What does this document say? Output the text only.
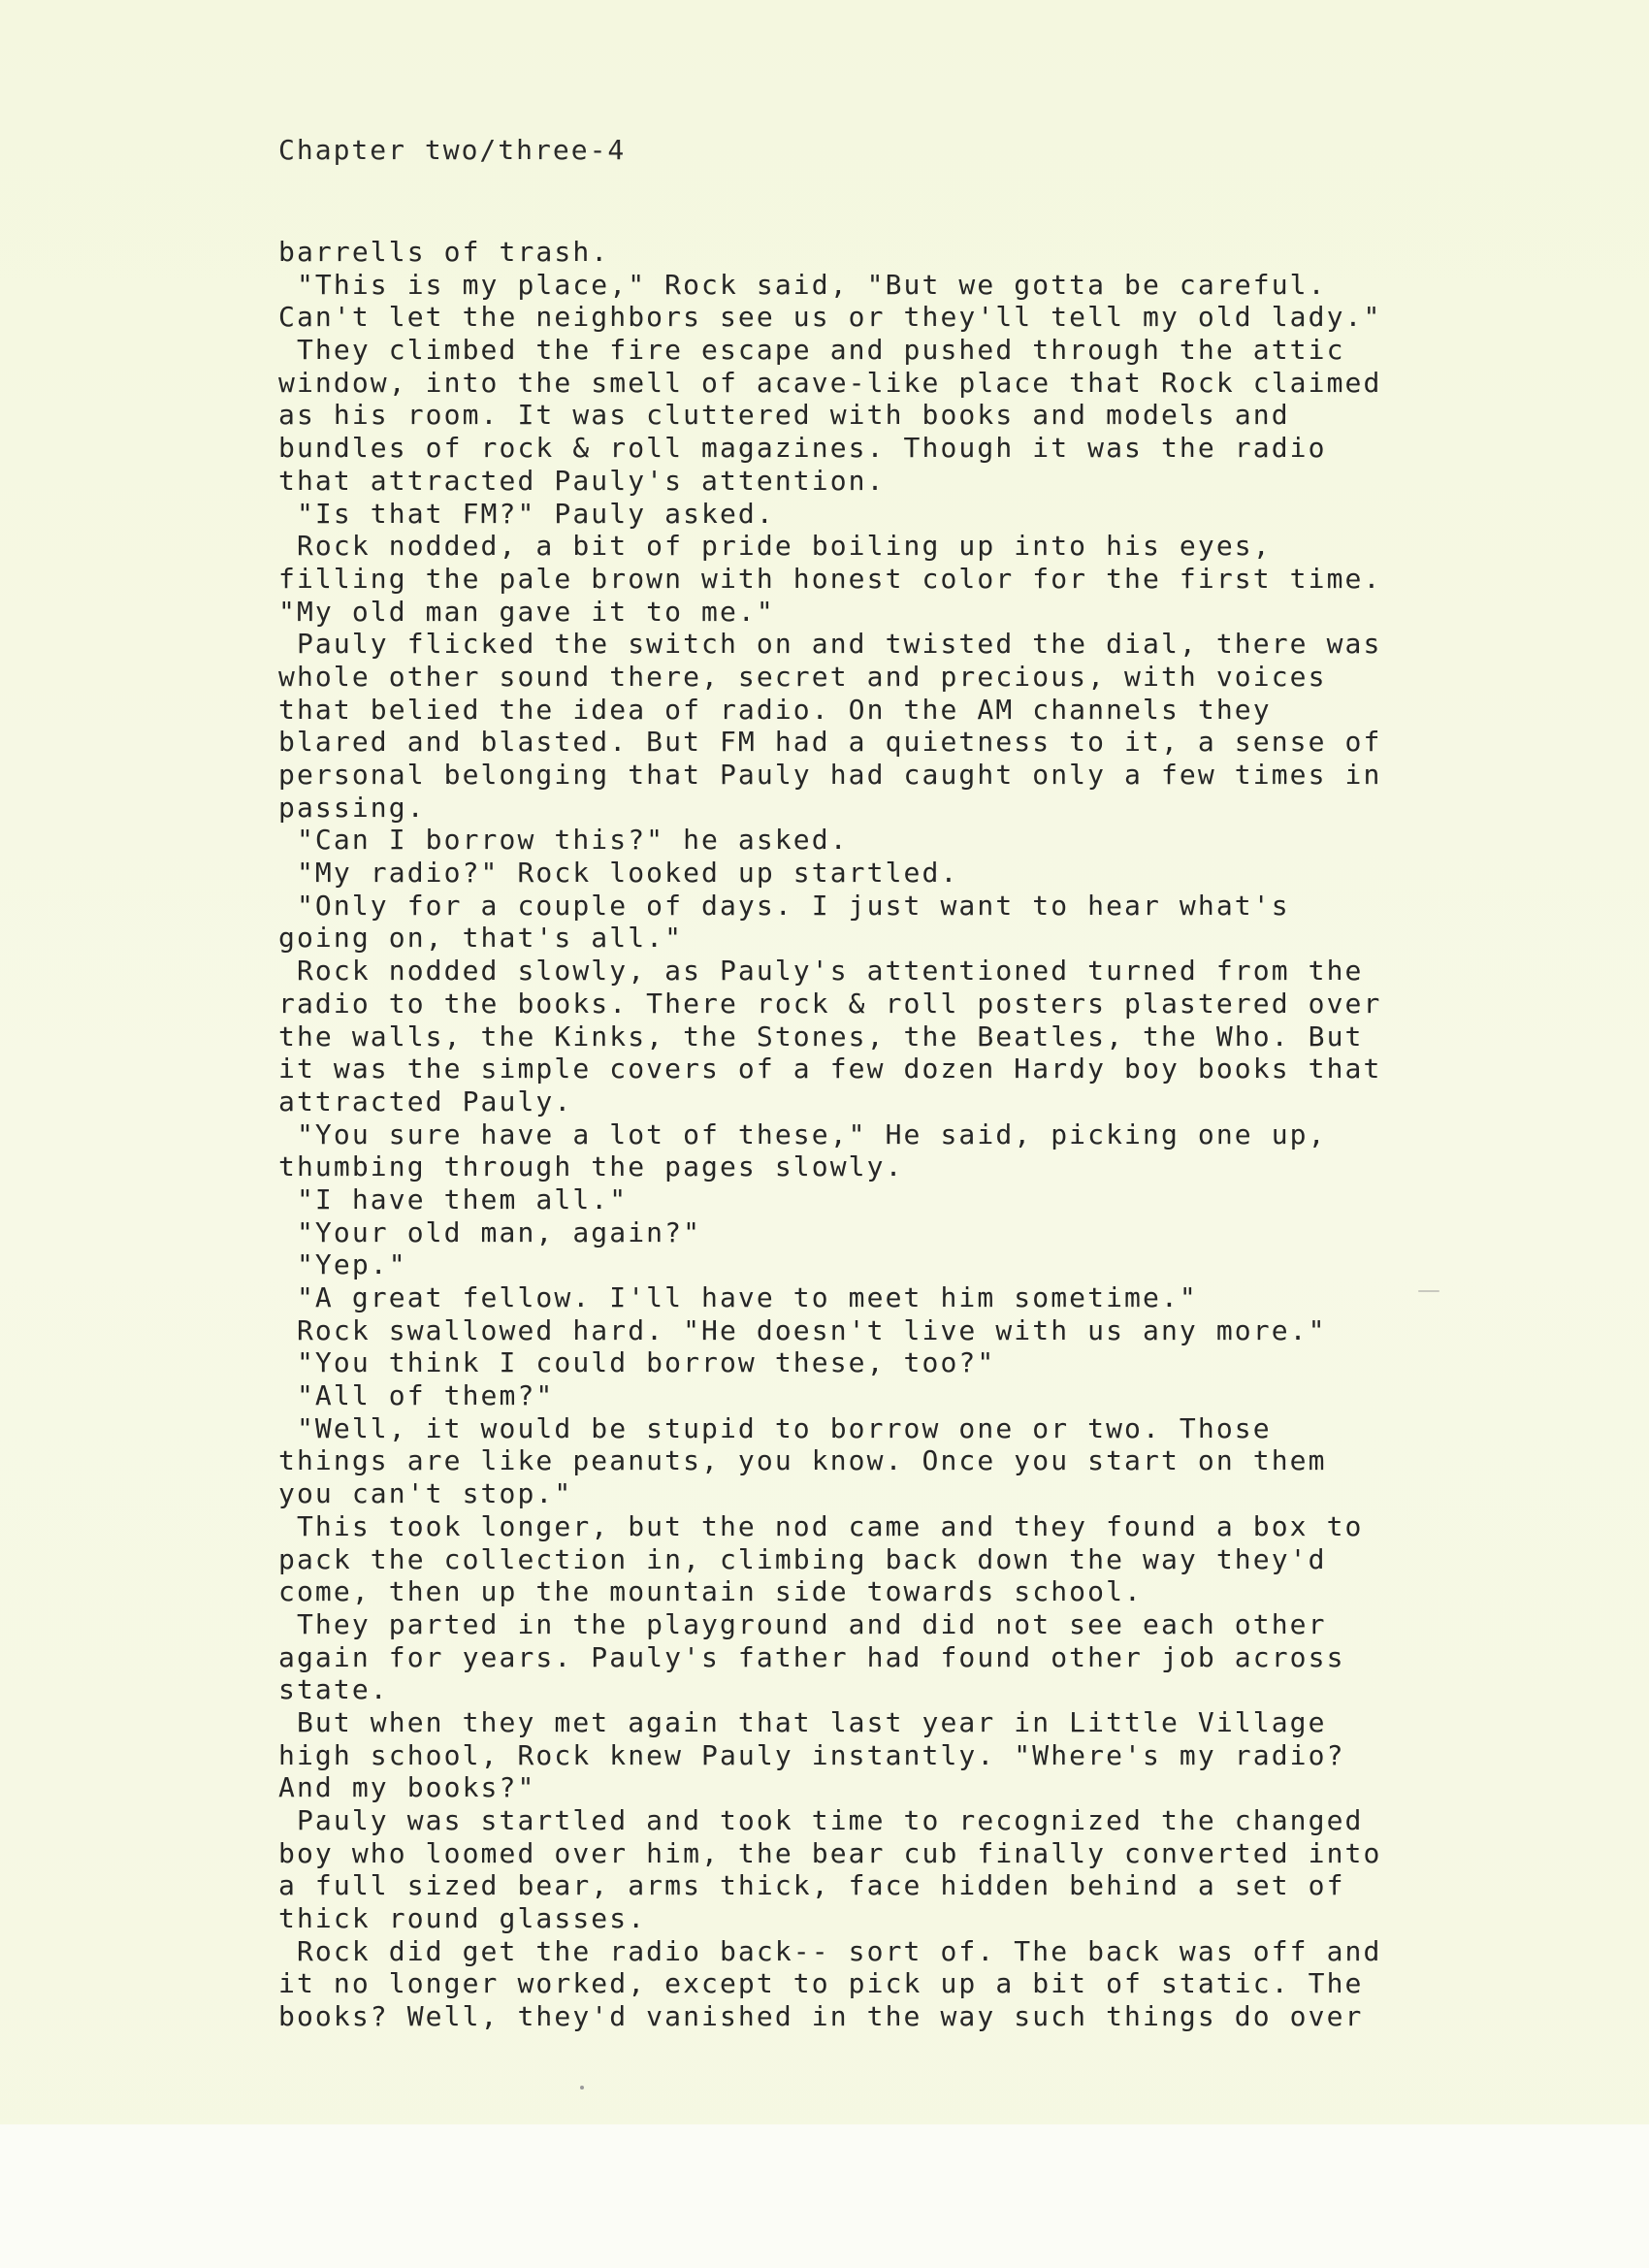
Chapter two/three-4
barrells of trash.
"This is my place," Rock said, "But we gotta be careful.
Can't let the neighbors see us or they'll tell my old lady."
They climbed the fire escape and pushed through the attic
window, into the smell of acave-like place that Rock claimed
as his room. It was cluttered with books and models and
bundles of rock & roll magazines. Though it was the radio
that attracted Pauly's attention.
"Is that FM?" Pauly asked.
Rock nodded, a bit of pride boiling up into his eyes,
filling the pale brown with honest color for the first time.
"My old man gave it to me."
Pauly flicked the switch on and twisted the dial, there was
whole other sound there, secret and precious, with voices
that belied the idea of radio. On the AM channels they
blared and blasted. But FM had a quietness to it, a sense of
personal belonging that Pauly had caught only a few times in
passing.
"Can I borrow this?" he asked.
"My radio?" Rock looked up startled.
"Only for a couple of days. I just want to hear what's
going on, that's all."
Rock nodded slowly, as Pauly's attentioned turned from the
radio to the books. There rock & roll posters plastered over
the walls, the Kinks, the Stones, the Beatles, the Who. But
it was the simple covers of a few dozen Hardy boy books that
attracted Pauly.
"You sure have a lot of these," He said, picking one up,
thumbing through the pages slowly.
"I have them all."
"Your old man, again?"
"Yep."
"A great fellow. I'll have to meet him sometime."
Rock swallowed hard. "He doesn't live with us any more."
"You think I could borrow these, too?"
"All of them?"
"Well, it would be stupid to borrow one or two. Those
things are like peanuts, you know. Once you start on them
you can't stop."
This took longer, but the nod came and they found a box to
pack the collection in, climbing back down the way they'd
come, then up the mountain side towards school.
They parted in the playground and did not see each other
again for years. Pauly's father had found other job across
state.
But when they met again that last year in Little Village
high school, Rock knew Pauly instantly. "Where's my radio?
And my books?"
Pauly was startled and took time to recognized the changed
boy who loomed over him, the bear cub finally converted into
a full sized bear, arms thick, face hidden behind a set of
thick round glasses.
Rock did get the radio back-- sort of. The back was off and
it no longer worked, except to pick up a bit of static. The
books? Well, they'd vanished in the way such things do over
